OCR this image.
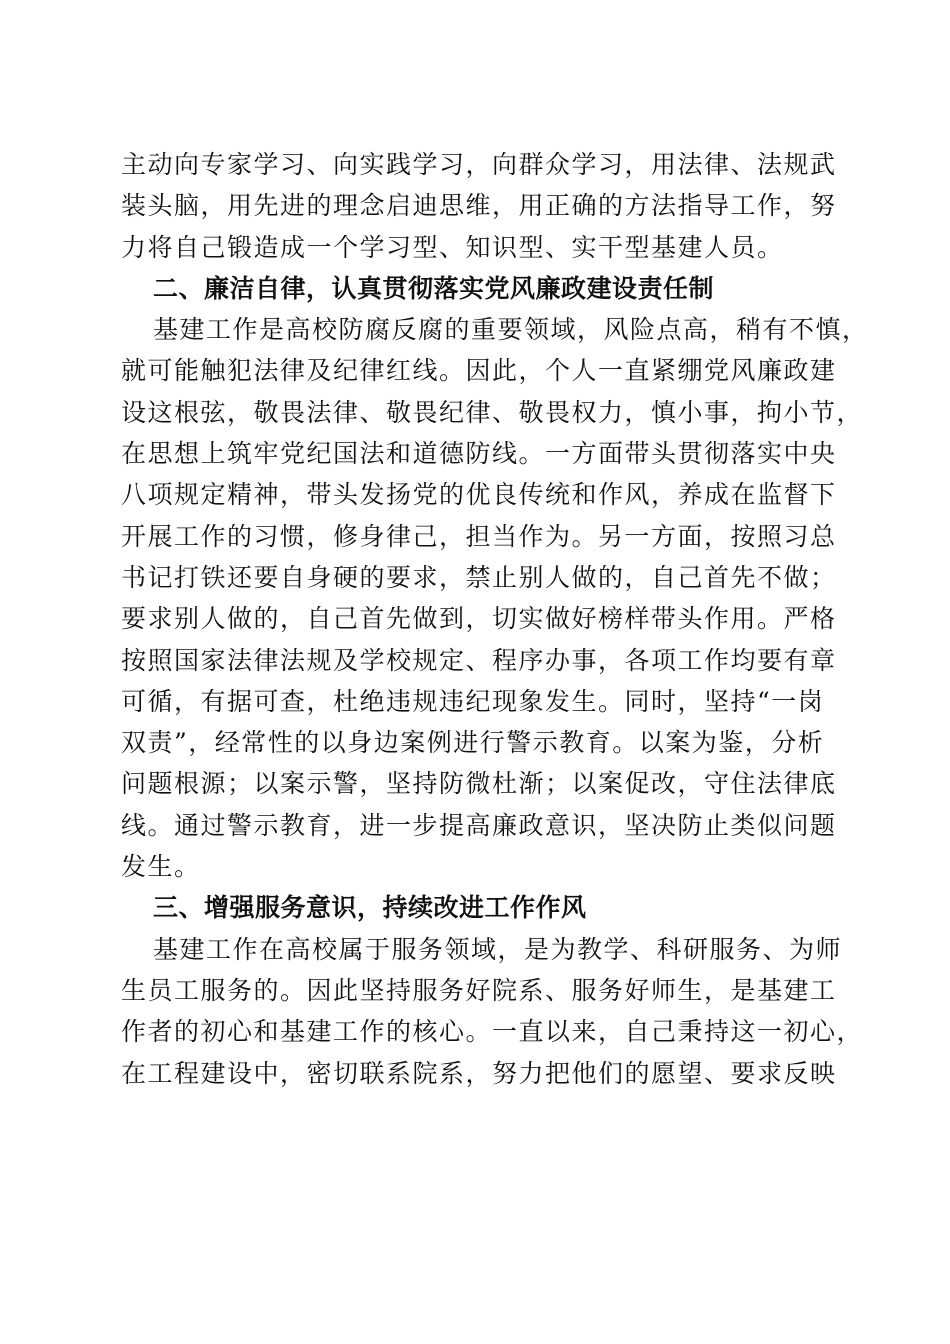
主动向专家学习、向实践学习，向群众学习，用法律、法规武
装头脑，用先进的理念启迪思维，用正确的方法指导工作，努
力将自己锻造成一个学习型、知识型、实干型基建人员。
二、廉洁自律，认真贯彻落实党风廉政建设责任制
基建工作是高校防腐反腐的重要领域，风险点高，稍有不慎，
就可能触犯法律及纪律红线。因此，个人一直紧绷党风廉政建
设这根弦，敬畏法律、敬畏纪律、敬畏权力，慎小事，拘小节，
在思想上筑牢党纪国法和道德防线。一方面带头贯彻落实中央
八项规定精神，带头发扬党的优良传统和作风，养成在监督下
开展工作的习惯，修身律己，担当作为。另一方面，按照习总
书记打铁还要自身硬的要求，禁止别人做的，自己首先不做；
要求别人做的，自己首先做到，切实做好榜样带头作用。严格
按照国家法律法规及学校规定、程序办事，各项工作均要有章
可循，有据可查，杜绝违规违纪现象发生。同时，坚持“一岗
双责”，经常性的以身边案例进行警示教育。以案为鉴，分析
问题根源；以案示警，坚持防微杜渐；以案促改，守住法律底
线。通过警示教育，进一步提高廉政意识，坚决防止类似问题
发生。
三、增强服务意识，持续改进工作作风
基建工作在高校属于服务领域，是为教学、科研服务、为师
生员工服务的。因此坚持服务好院系、服务好师生，是基建工
作者的初心和基建工作的核心。一直以来，自己秉持这一初心，
在工程建设中，密切联系院系，努力把他们的愿望、要求反映
